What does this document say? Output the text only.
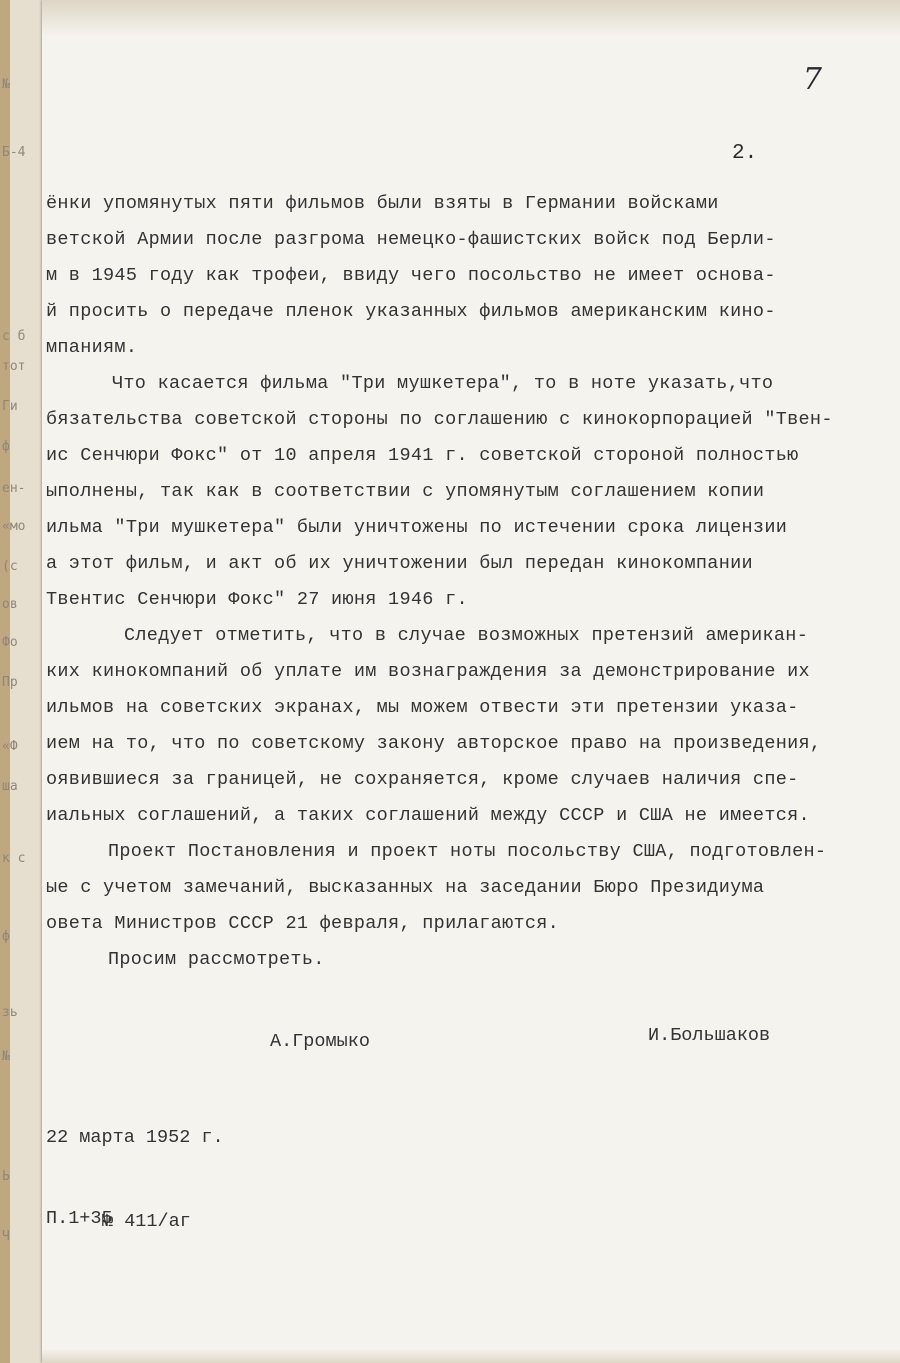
№
Б-4
с б
тот
Ги
ф
ен-
«мо
(с
ов
Фо
Пр
«Ф
ша
к с
ф
зь
№
Ь
Ч
7
2.
ёнки упомянутых пяти фильмов были взяты в Германии войсками
ветской Армии после разгрома немецко-фашистских войск под Берли-
м в 1945 году как трофеи, ввиду чего посольство не имеет основа-
й просить о передаче пленок указанных фильмов американским кино-
мпаниям.
Что касается фильма "Три мушкетера", то в ноте указать,что
бязательства советской стороны по соглашению с кинокорпорацией "Твен-
ис Сенчюри Фокс" от 10 апреля 1941 г. советской стороной полностью
ыполнены, так как в соответствии с упомянутым соглашением копии
ильма "Три мушкетера" были уничтожены по истечении срока лицензии
а этот фильм, и акт об их уничтожении был передан кинокомпании
Твентис Сенчюри Фокс" 27 июня 1946 г.
Следует отметить, что в случае возможных претензий американ-
ких кинокомпаний об уплате им вознаграждения за демонстрирование их
ильмов на советских экранах, мы можем отвести эти претензии указа-
ием на то, что по советскому закону авторское право на произведения,
оявившиеся за границей, не сохраняется, кроме случаев наличия спе-
иальных соглашений, а таких соглашений между СССР и США не имеется.
Проект Постановления и проект ноты посольству США, подготовлен-
ые с учетом замечаний, высказанных на заседании Бюро Президиума
овета Министров СССР 21 февраля, прилагаются.
Просим рассмотреть.
А.Громыко	И.Большаков

22 марта 1952 г.

№ 411/аг

П.1+35
